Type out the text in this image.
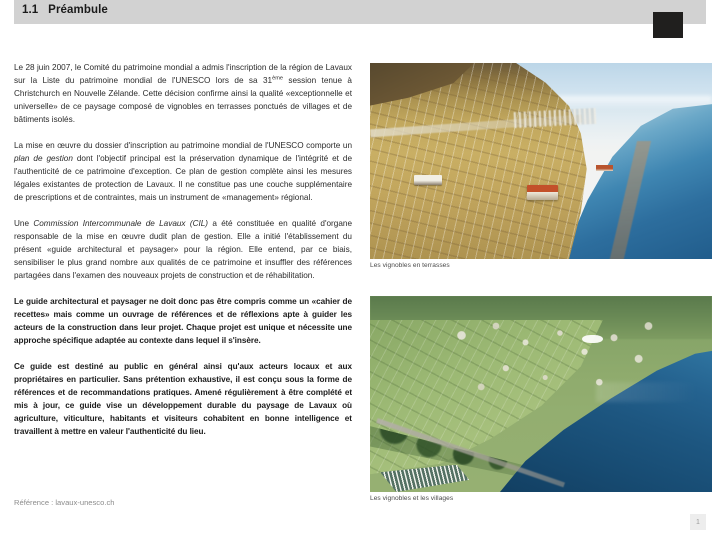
1.1   Préambule

Le 28 juin 2007, le Comité du patrimoine mondial a admis l'inscription de la région de Lavaux sur la Liste du patrimoine mondial de l'UNESCO lors de sa 31ème session tenue à Christchurch en Nouvelle Zélande. Cette décision confirme ainsi la qualité «exceptionnelle et universelle» de ce paysage composé de vignobles en terrasses ponctués de villages et de bâtiments isolés.

La mise en œuvre du dossier d'inscription au patrimoine mondial de l'UNESCO comporte un plan de gestion dont l'objectif principal est la préservation dynamique de l'intégrité et de l'authenticité de ce patrimoine d'exception. Ce plan de gestion complète ainsi les mesures légales existantes de protection de Lavaux. Il ne constitue pas une couche supplémentaire de prescriptions et de contraintes, mais un instrument de «management» régional.

Une Commission Intercommunale de Lavaux (CIL) a été constituée en qualité d'organe responsable de la mise en œuvre dudit plan de gestion. Elle a initié l'établissement du présent «guide architectural et paysager» pour la région. Elle entend, par ce biais, sensibiliser le plus grand nombre aux qualités de ce patrimoine et insuffler des références partagées dans l'examen des nouveaux projets de construction et de réhabilitation.

Le guide architectural et paysager ne doit donc pas être compris comme un «cahier de recettes» mais comme un ouvrage de références et de réflexions apte à guider les acteurs de la construction dans leur projet. Chaque projet est unique et nécessite une approche spécifique adaptée au contexte dans lequel il s'insère.

Ce guide est destiné au public en général ainsi qu'aux acteurs locaux et aux propriétaires en particulier. Sans prétention exhaustive, il est conçu sous la forme de références et de recommandations pratiques. Amené régulièrement à être complété et mis à jour, ce guide vise un développement durable du paysage de Lavaux où agriculture, viticulture, habitants et visiteurs cohabitent en bonne intelligence et travaillent à mettre en valeur l'authenticité du lieu.

Référence : lavaux-unesco.ch
Les vignobles en terrasses
Les vignobles et les villages
1
